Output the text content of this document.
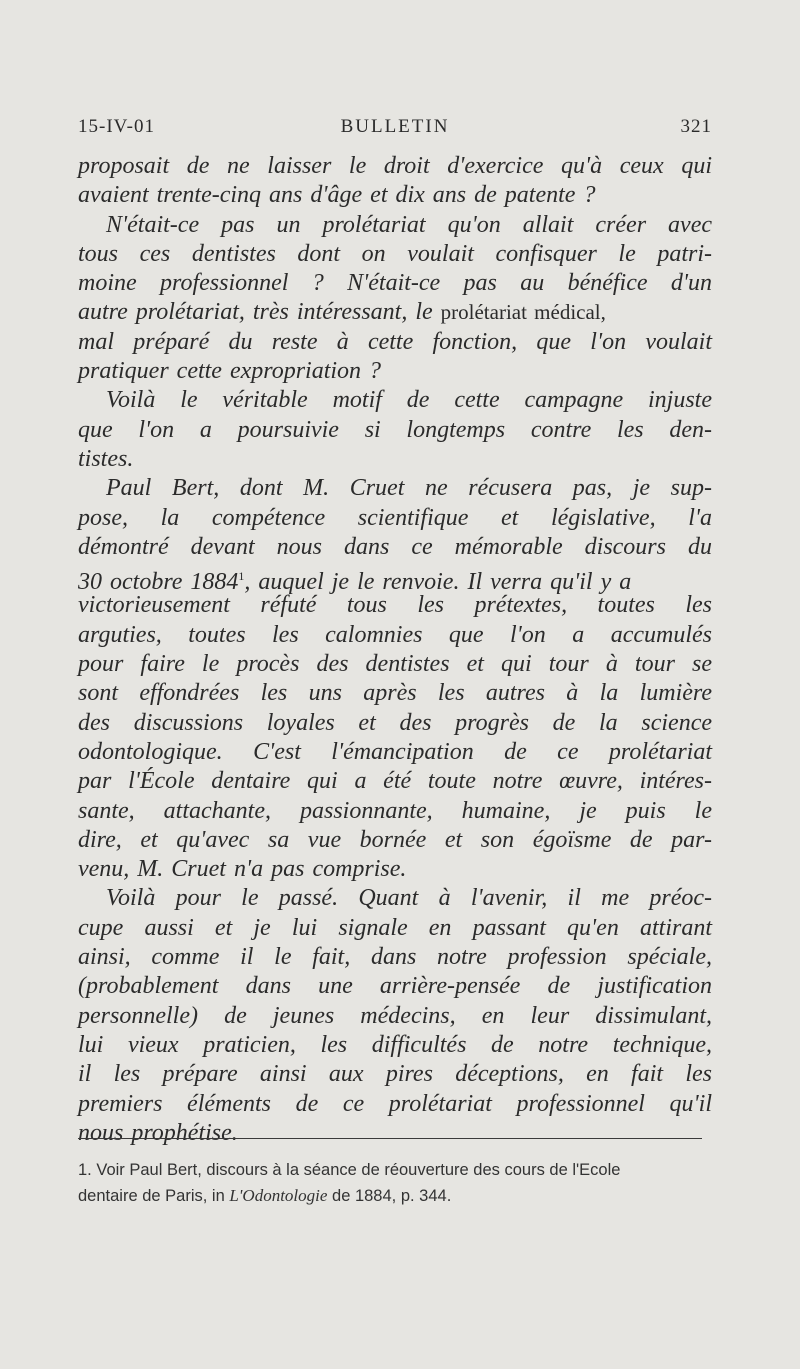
15-IV-01	BULLETIN	321
proposait de ne laisser le droit d'exercice qu'à ceux qui
avaient trente-cinq ans d'âge et dix ans de patente ?
N'était-ce pas un prolétariat qu'on allait créer avec
tous ces dentistes dont on voulait confisquer le patri-
moine professionnel ? N'était-ce pas au bénéfice d'un
autre prolétariat, très intéressant, le prolétariat médical,
mal préparé du reste à cette fonction, que l'on voulait
pratiquer cette expropriation ?
Voilà le véritable motif de cette campagne injuste
que l'on a poursuivie si longtemps contre les den-
tistes.
Paul Bert, dont M. Cruet ne récusera pas, je sup-
pose, la compétence scientifique et législative, l'a
démontré devant nous dans ce mémorable discours du
30 octobre 1884$^1$, auquel je le renvoie. Il verra qu'il y a
victorieusement réfuté tous les prétextes, toutes les
arguties, toutes les calomnies que l'on a accumulés
pour faire le procès des dentistes et qui tour à tour se
sont effondrées les uns après les autres à la lumière
des discussions loyales et des progrès de la science
odontologique. C'est l'émancipation de ce prolétariat
par l'École dentaire qui a été toute notre œuvre, intéres-
sante, attachante, passionnante, humaine, je puis le
dire, et qu'avec sa vue bornée et son égoïsme de par-
venu, M. Cruet n'a pas comprise.
Voilà pour le passé. Quant à l'avenir, il me préoc-
cupe aussi et je lui signale en passant qu'en attirant
ainsi, comme il le fait, dans notre profession spéciale,
(probablement dans une arrière-pensée de justification
personnelle) de jeunes médecins, en leur dissimulant,
lui vieux praticien, les difficultés de notre technique,
il les prépare ainsi aux pires déceptions, en fait les
premiers éléments de ce prolétariat professionnel qu'il
nous prophétise.
1. Voir Paul Bert, discours à la séance de réouverture des cours de l'Ecole
dentaire de Paris, in L'Odontologie de 1884, p. 344.
